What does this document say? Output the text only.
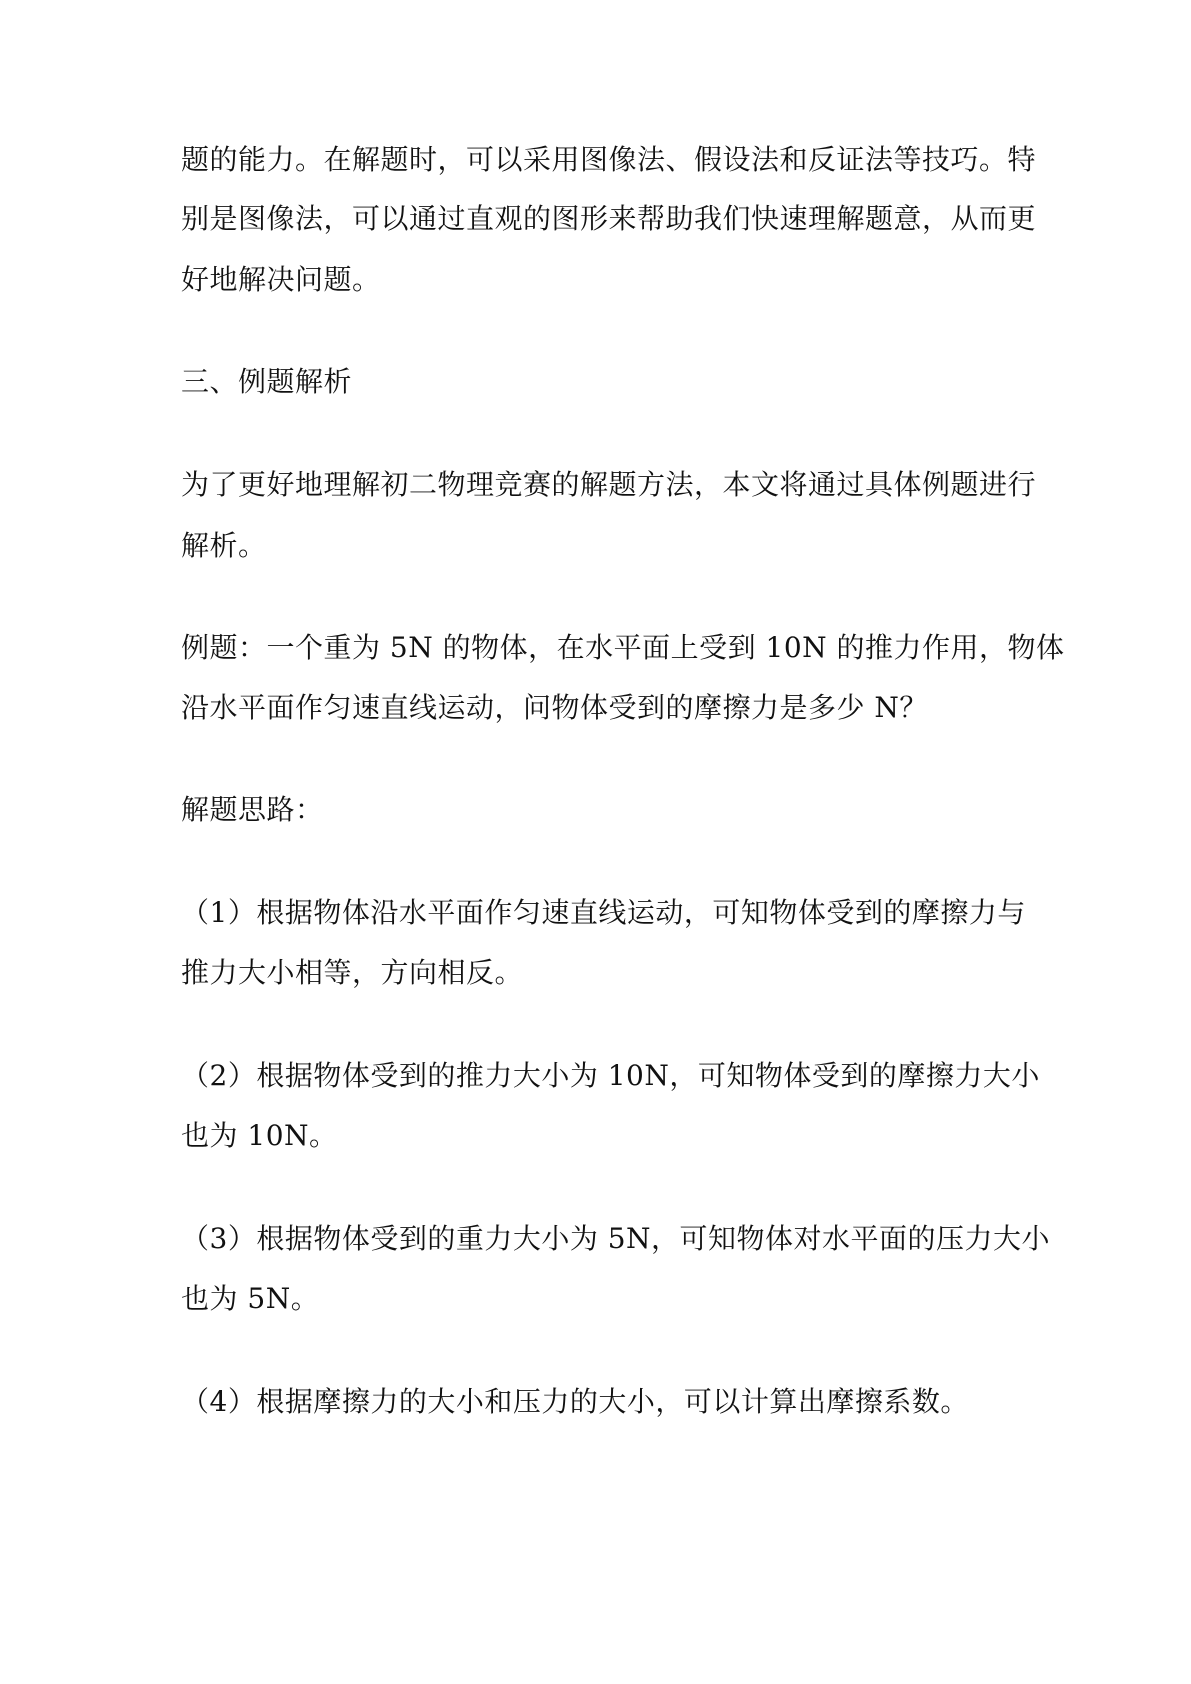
题的能力。在解题时，可以采用图像法、假设法和反证法等技巧。特
别是图像法，可以通过直观的图形来帮助我们快速理解题意，从而更
好地解决问题。
三、例题解析
为了更好地理解初二物理竞赛的解题方法，本文将通过具体例题进行
解析。
例题：一个重为 5N 的物体，在水平面上受到 10N 的推力作用，物体
沿水平面作匀速直线运动，问物体受到的摩擦力是多少 N？
解题思路：
（1）根据物体沿水平面作匀速直线运动，可知物体受到的摩擦力与
推力大小相等，方向相反。
（2）根据物体受到的推力大小为 10N，可知物体受到的摩擦力大小
也为 10N。
（3）根据物体受到的重力大小为 5N，可知物体对水平面的压力大小
也为 5N。
（4）根据摩擦力的大小和压力的大小，可以计算出摩擦系数。
